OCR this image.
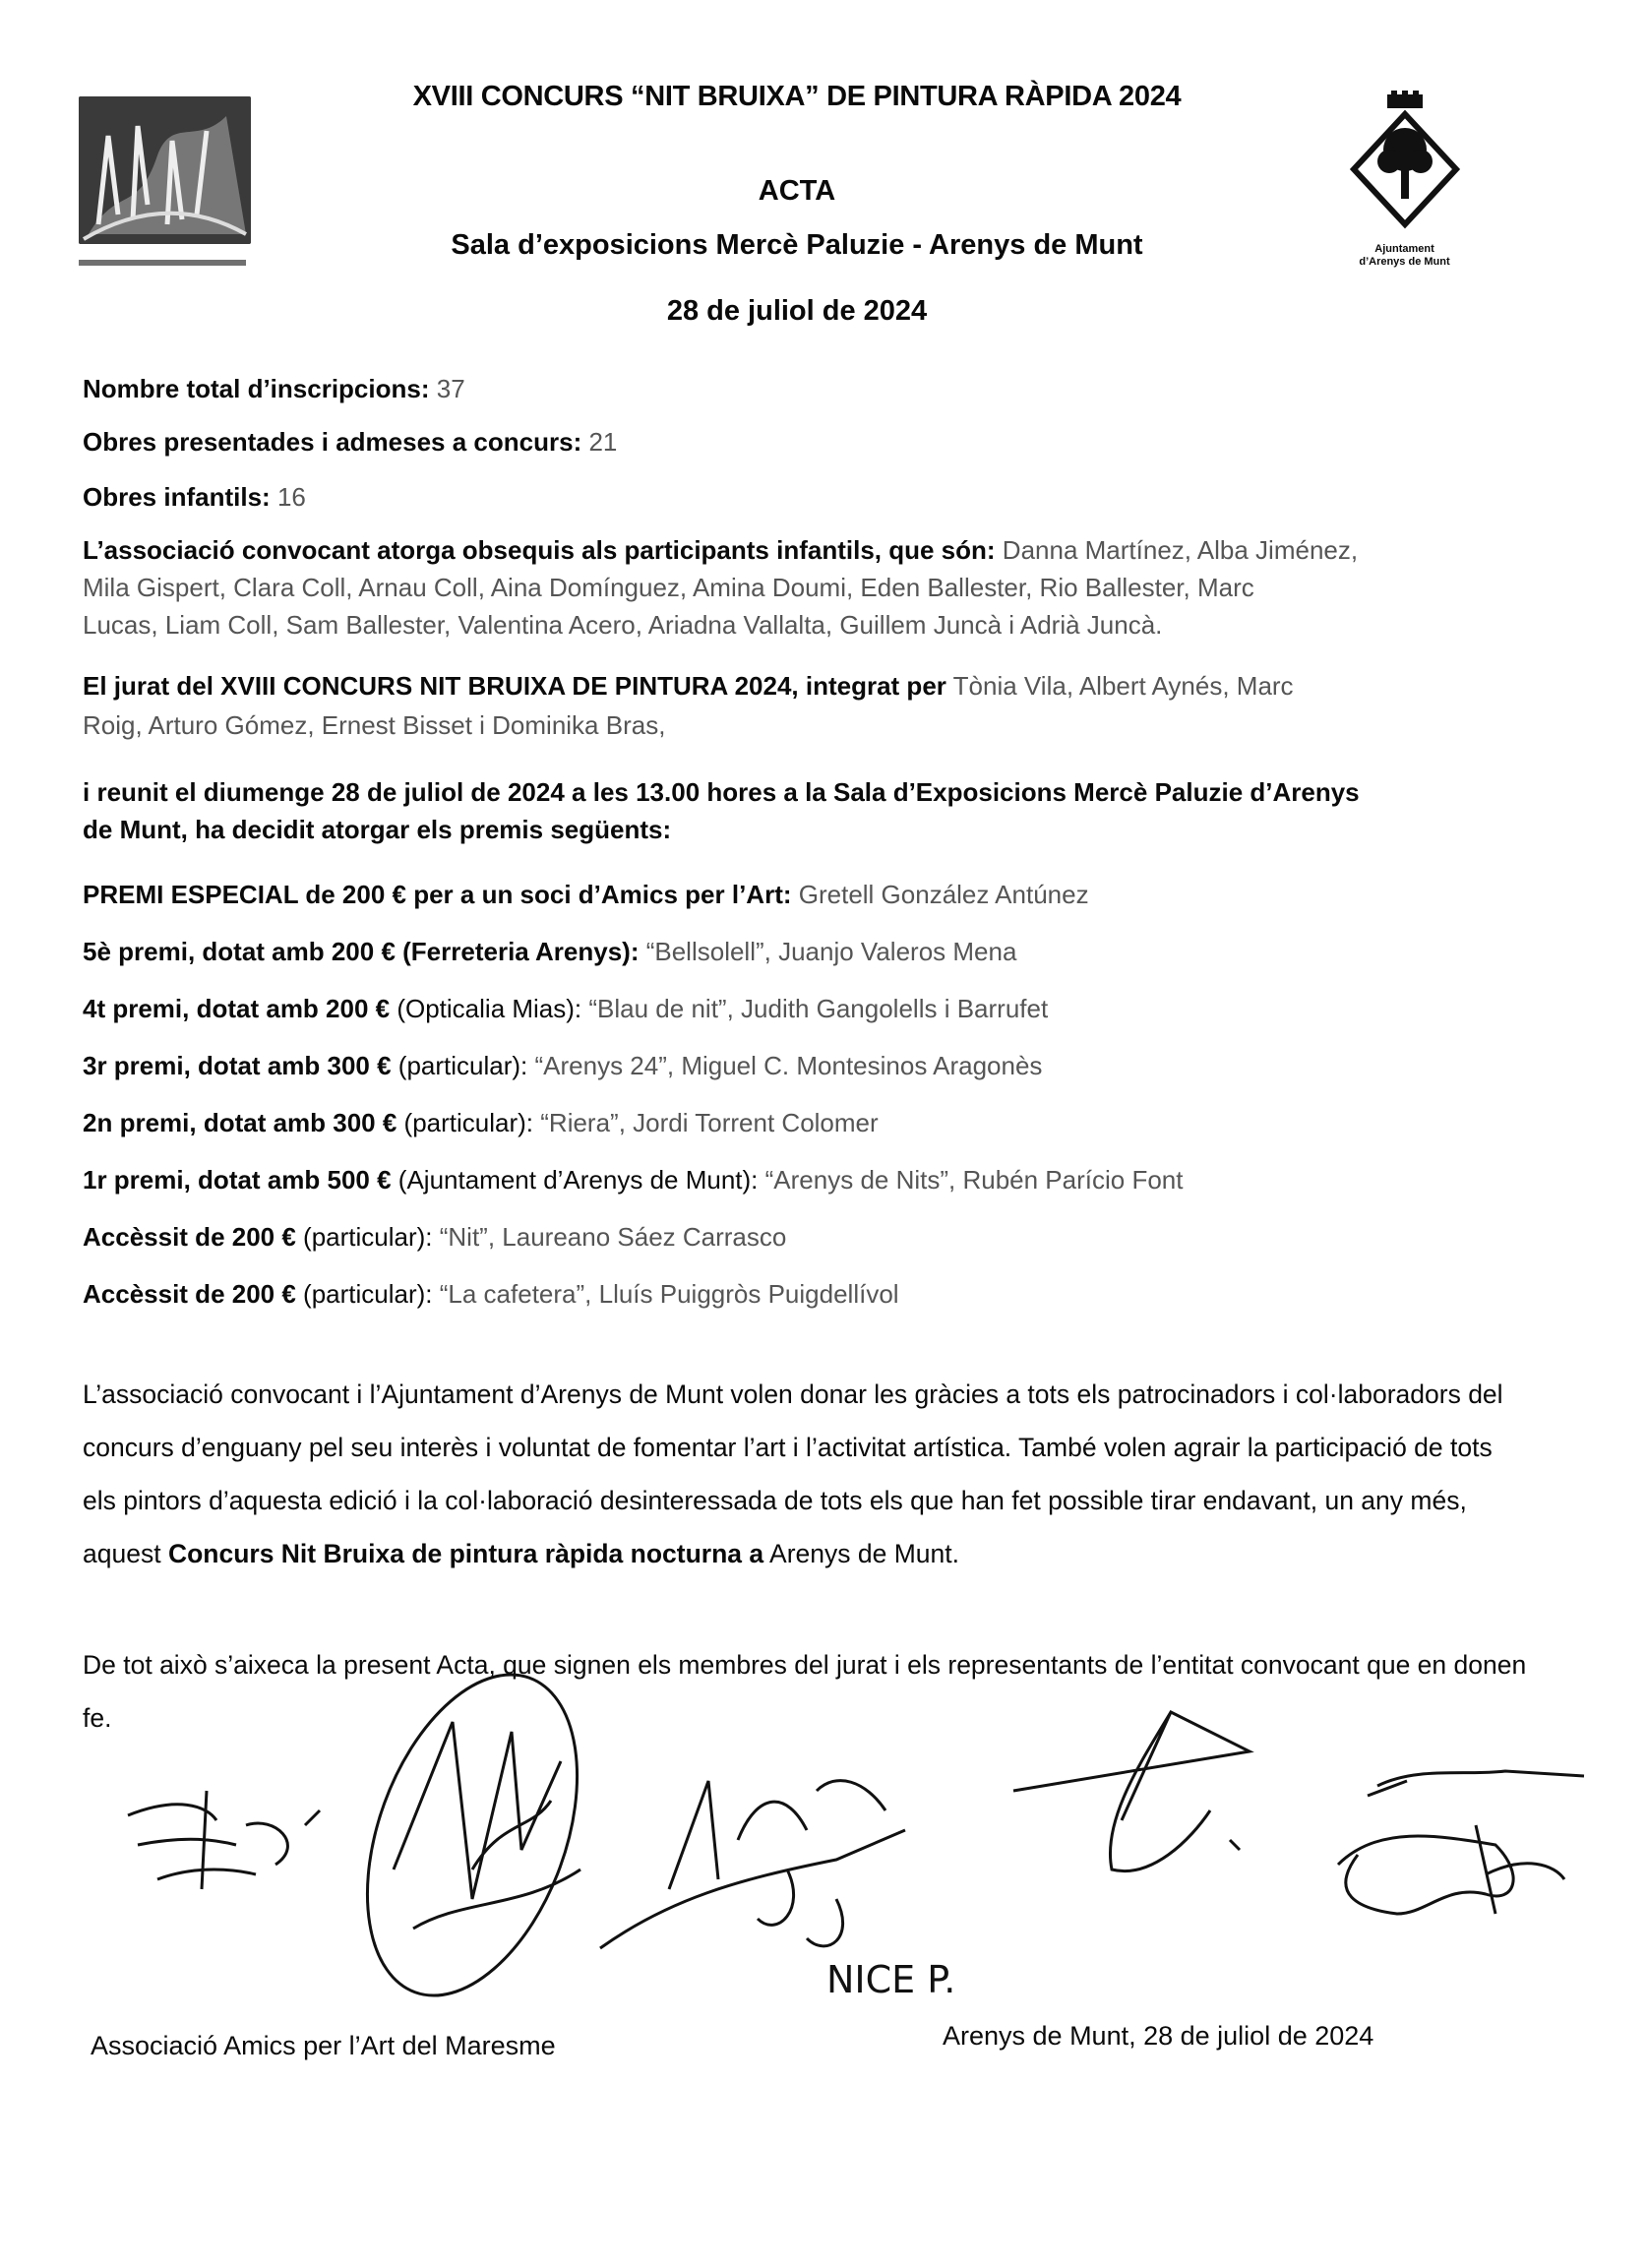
XVIII CONCURS “NIT BRUIXA” DE PINTURA RÀPIDA 2024
ACTA
Sala d’exposicions Mercè Paluzie - Arenys de Munt
28 de juliol de 2024
Ajuntament
d’Arenys de Munt
Nombre total d’inscripcions: 37
Obres presentades i admeses a concurs: 21
Obres infantils: 16
L’associació convocant atorga obsequis als participants infantils, que són: Danna Martínez, Alba Jiménez,
Mila Gispert, Clara Coll, Arnau Coll, Aina Domínguez, Amina Doumi, Eden Ballester, Rio Ballester, Marc
Lucas, Liam Coll, Sam Ballester, Valentina Acero, Ariadna Vallalta, Guillem Juncà i Adrià Juncà.
El jurat del XVIII CONCURS NIT BRUIXA DE PINTURA 2024, integrat per Tònia Vila, Albert Aynés, Marc
Roig, Arturo Gómez, Ernest Bisset i Dominika Bras,
i reunit el diumenge 28 de juliol de 2024 a les 13.00 hores a la Sala d’Exposicions Mercè Paluzie d’Arenys
de Munt, ha decidit atorgar els premis següents:
PREMI ESPECIAL de 200 € per a un soci d’Amics per l’Art: Gretell González Antúnez
5è premi, dotat amb 200 € (Ferreteria Arenys): “Bellsolell”, Juanjo Valeros Mena
4t premi, dotat amb 200 € (Opticalia Mias): “Blau de nit”, Judith Gangolells i Barrufet
3r premi, dotat amb 300 € (particular): “Arenys 24”, Miguel C. Montesinos Aragonès
2n premi, dotat amb 300 € (particular): “Riera”, Jordi Torrent Colomer
1r premi, dotat amb 500 € (Ajuntament d’Arenys de Munt): “Arenys de Nits”, Rubén Parício Font
Accèssit de 200 € (particular): “Nit”, Laureano Sáez Carrasco
Accèssit de 200 € (particular): “La cafetera”, Lluís Puiggròs Puigdellívol
L’associació convocant i l’Ajuntament d’Arenys de Munt volen donar les gràcies a tots els patrocinadors i col·laboradors del concurs d’enguany pel seu interès i voluntat de fomentar l’art i l’activitat artística. També volen agrair la participació de tots els pintors d’aquesta edició i la col·laboració desinteressada de tots els que han fet possible tirar endavant, un any més, aquest Concurs Nit Bruixa de pintura ràpida nocturna a Arenys de Munt.
De tot això s’aixeca la present Acta, que signen els membres del jurat i els representants de l’entitat convocant que en donen fe.
NICE P.
Associació Amics per l’Art del Maresme	Arenys de Munt, 28 de juliol de 2024
